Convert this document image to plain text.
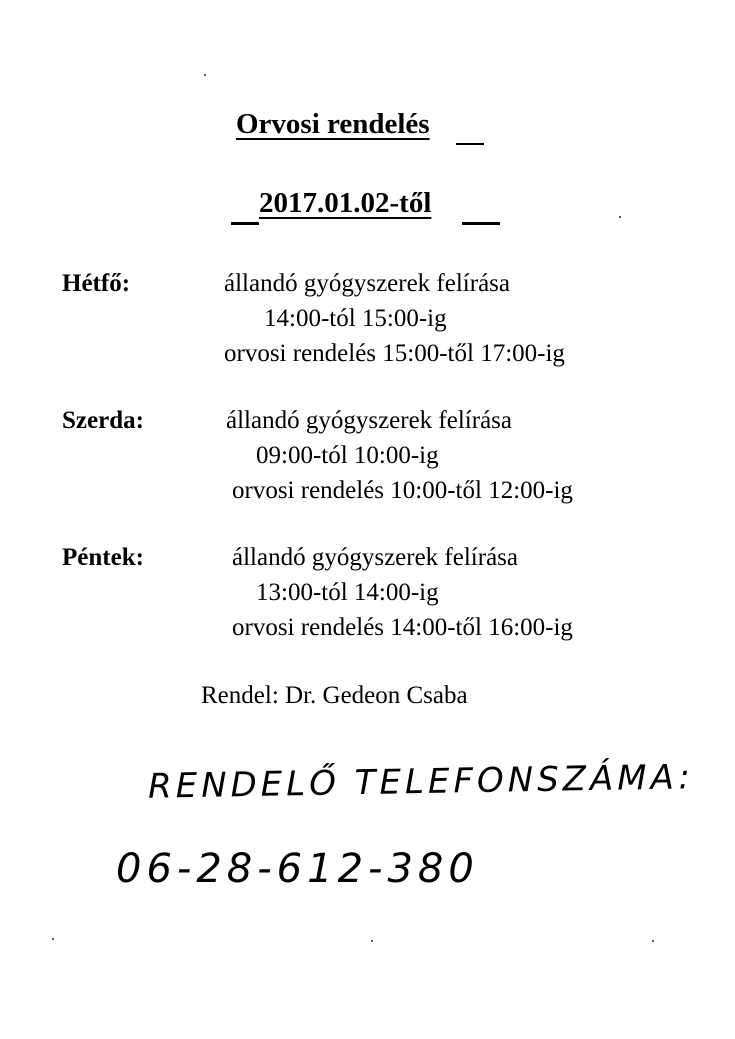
Orvosi rendelés
2017.01.02-től
Hétfő:	állandó gyógyszerek felírása
14:00-tól 15:00-ig
orvosi rendelés 15:00-től 17:00-ig
Szerda:	állandó gyógyszerek felírása
09:00-tól 10:00-ig
orvosi rendelés 10:00-től 12:00-ig
Péntek:	állandó gyógyszerek felírása
13:00-tól 14:00-ig
orvosi rendelés 14:00-től 16:00-ig
Rendel: Dr. Gedeon Csaba
RENDELŐ TELEFONSZÁMA:
06-28-612-380
